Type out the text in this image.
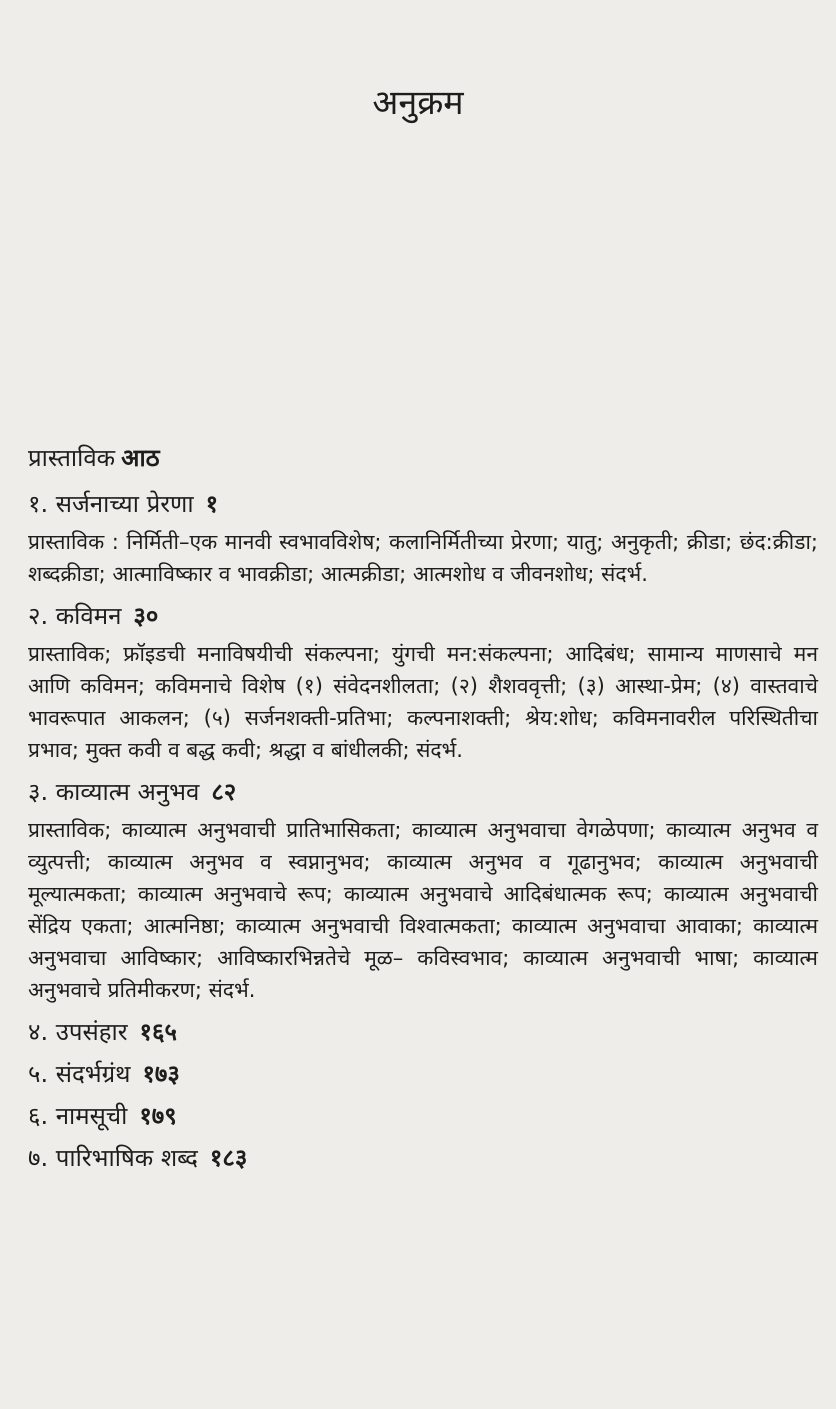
अनुक्रम
प्रास्ताविक आठ
१. सर्जनाच्या प्रेरणा १

प्रास्ताविक : निर्मिती–एक मानवी स्वभावविशेष; कलानिर्मितीच्या प्रेरणा; यातु; अनुकृती; क्रीडा; छंद:क्रीडा; शब्दक्रीडा; आत्माविष्कार व भावक्रीडा; आत्मक्रीडा; आत्मशोध व जीवनशोध; संदर्भ.

२. कविमन ३०

प्रास्ताविक; फ्रॉइडची मनाविषयीची संकल्पना; युंगची मन:संकल्पना; आदिबंध; सामान्य माणसाचे मन आणि कविमन; कविमनाचे विशेष (१) संवेदनशीलता; (२) शैशववृत्ती; (३) आस्था-प्रेम; (४) वास्तवाचे भावरूपात आकलन; (५) सर्जनशक्ती-प्रतिभा; कल्पनाशक्ती; श्रेय:शोध; कविमनावरील परिस्थितीचा प्रभाव; मुक्त कवी व बद्ध कवी; श्रद्धा व बांधीलकी; संदर्भ.

३. काव्यात्म अनुभव ८२

प्रास्ताविक; काव्यात्म अनुभवाची प्रातिभासिकता; काव्यात्म अनुभवाचा वेगळेपणा; काव्यात्म अनुभव व व्युत्पत्ती; काव्यात्म अनुभव व स्वप्नानुभव; काव्यात्म अनुभव व गूढानुभव; काव्यात्म अनुभवाची मूल्यात्मकता; काव्यात्म अनुभवाचे रूप; काव्यात्म अनुभवाचे आदिबंधात्मक रूप; काव्यात्म अनुभवाची सेंद्रिय एकता; आत्मनिष्ठा; काव्यात्म अनुभवाची विश्वात्मकता; काव्यात्म अनुभवाचा आवाका; काव्यात्म अनुभवाचा आविष्कार; आविष्कारभिन्नतेचे मूळ– कविस्वभाव; काव्यात्म अनुभवाची भाषा; काव्यात्म अनुभवाचे प्रतिमीकरण; संदर्भ.

४. उपसंहार १६५
५. संदर्भग्रंथ १७३
६. नामसूची १७९
७. पारिभाषिक शब्द १८३
